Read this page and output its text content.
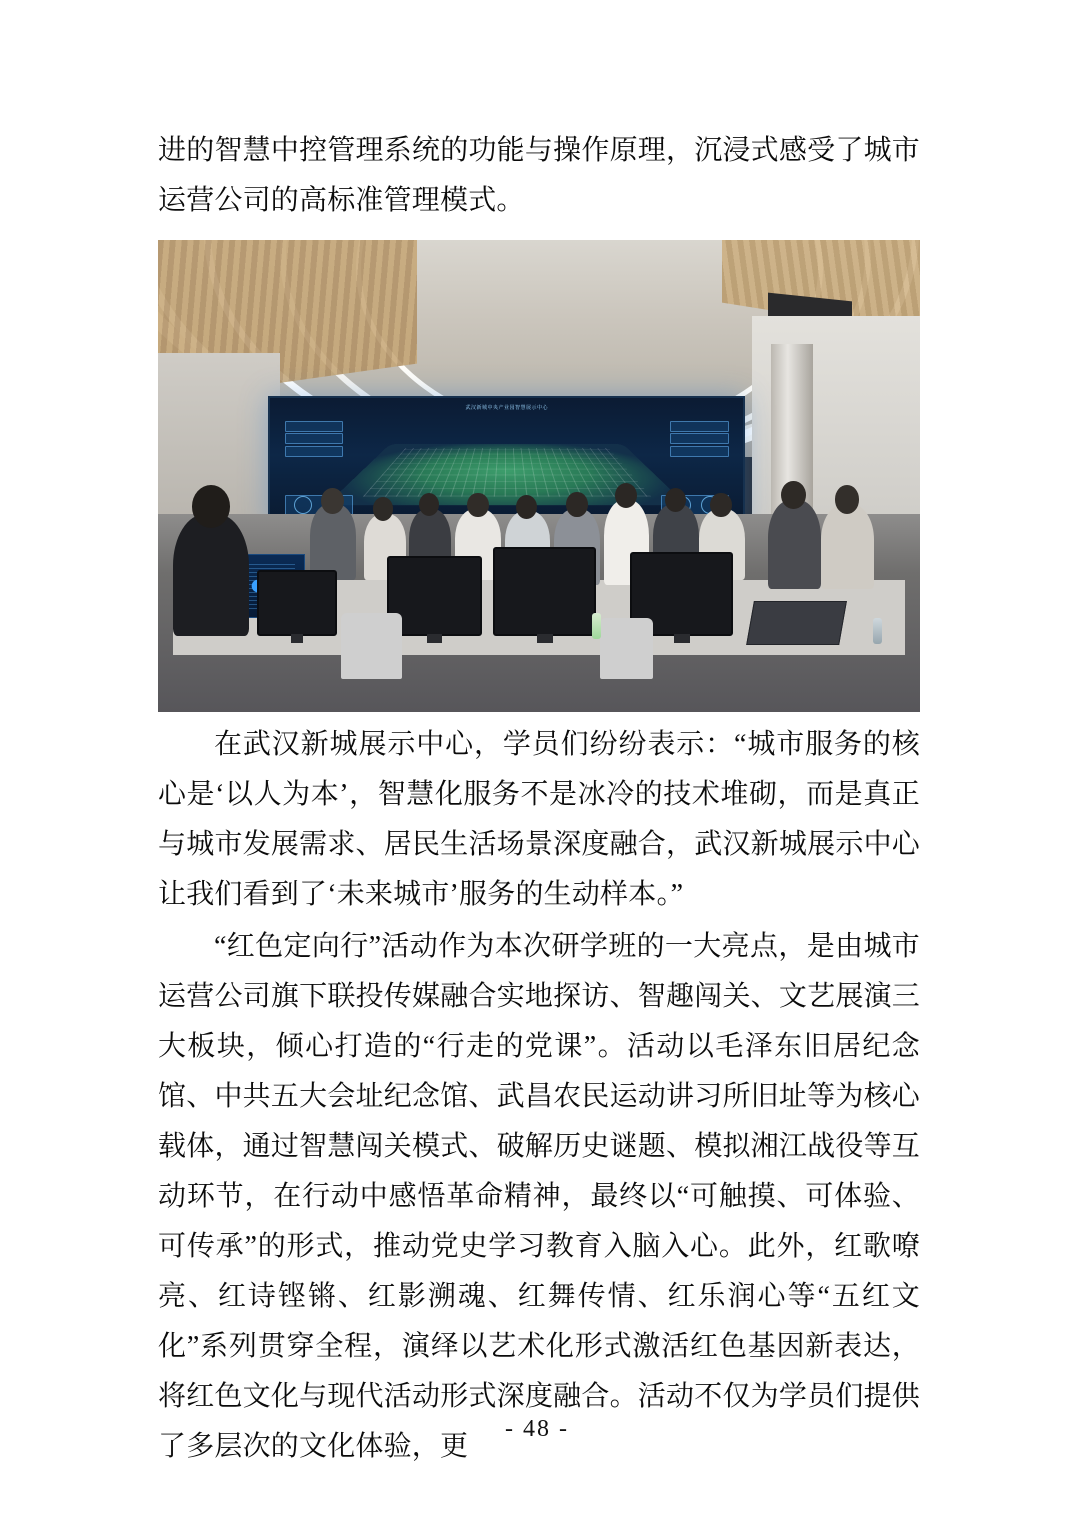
进的智慧中控管理系统的功能与操作原理，沉浸式感受了城市运营公司的高标准管理模式。

武汉新城中央产业园智慧展示中心

在武汉新城展示中心，学员们纷纷表示：“城市服务的核心是‘以人为本’，智慧化服务不是冰冷的技术堆砌，而是真正与城市发展需求、居民生活场景深度融合，武汉新城展示中心让我们看到了‘未来城市’服务的生动样本。”

“红色定向行”活动作为本次研学班的一大亮点，是由城市运营公司旗下联投传媒融合实地探访、智趣闯关、文艺展演三大板块，倾心打造的“行走的党课”。活动以毛泽东旧居纪念馆、中共五大会址纪念馆、武昌农民运动讲习所旧址等为核心载体，通过智慧闯关模式、破解历史谜题、模拟湘江战役等互动环节，在行动中感悟革命精神，最终以“可触摸、可体验、可传承”的形式，推动党史学习教育入脑入心。此外，红歌嘹亮、红诗铿锵、红影溯魂、红舞传情、红乐润心等“五红文化”系列贯穿全程，演绎以艺术化形式激活红色基因新表达，将红色文化与现代活动形式深度融合。活动不仅为学员们提供了多层次的文化体验，更

- 48 -
